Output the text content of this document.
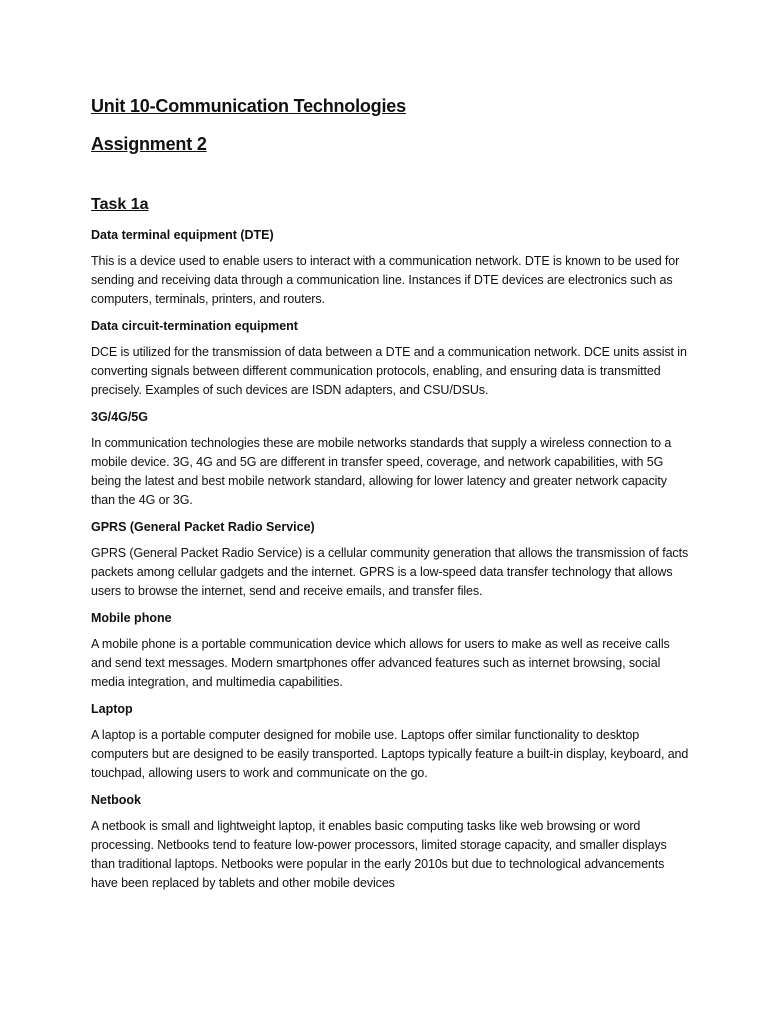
Unit 10-Communication Technologies
Assignment 2
Task 1a
Data terminal equipment (DTE)

This is a device used to enable users to interact with a communication network. DTE is known to be used for sending and receiving data through a communication line. Instances if DTE devices are electronics such as computers, terminals, printers, and routers.

Data circuit-termination equipment

DCE is utilized for the transmission of data between a DTE and a communication network. DCE units assist in converting signals between different communication protocols, enabling, and ensuring data is transmitted precisely. Examples of such devices are ISDN adapters, and CSU/DSUs.

3G/4G/5G

In communication technologies these are mobile networks standards that supply a wireless connection to a mobile device. 3G, 4G and 5G are different in transfer speed, coverage, and network capabilities, with 5G being the latest and best mobile network standard, allowing for lower latency and greater network capacity than the 4G or 3G.

GPRS (General Packet Radio Service)

GPRS (General Packet Radio Service) is a cellular community generation that allows the transmission of facts packets among cellular gadgets and the internet. GPRS is a low-speed data transfer technology that allows users to browse the internet, send and receive emails, and transfer files.

Mobile phone

A mobile phone is a portable communication device which allows for users to make as well as receive calls and send text messages. Modern smartphones offer advanced features such as internet browsing, social media integration, and multimedia capabilities.

Laptop

A laptop is a portable computer designed for mobile use. Laptops offer similar functionality to desktop computers but are designed to be easily transported. Laptops typically feature a built-in display, keyboard, and touchpad, allowing users to work and communicate on the go.

Netbook

A netbook is small and lightweight laptop, it enables basic computing tasks like web browsing or word processing. Netbooks tend to feature low-power processors, limited storage capacity, and smaller displays than traditional laptops. Netbooks were popular in the early 2010s but due to technological advancements have been replaced by tablets and other mobile devices
